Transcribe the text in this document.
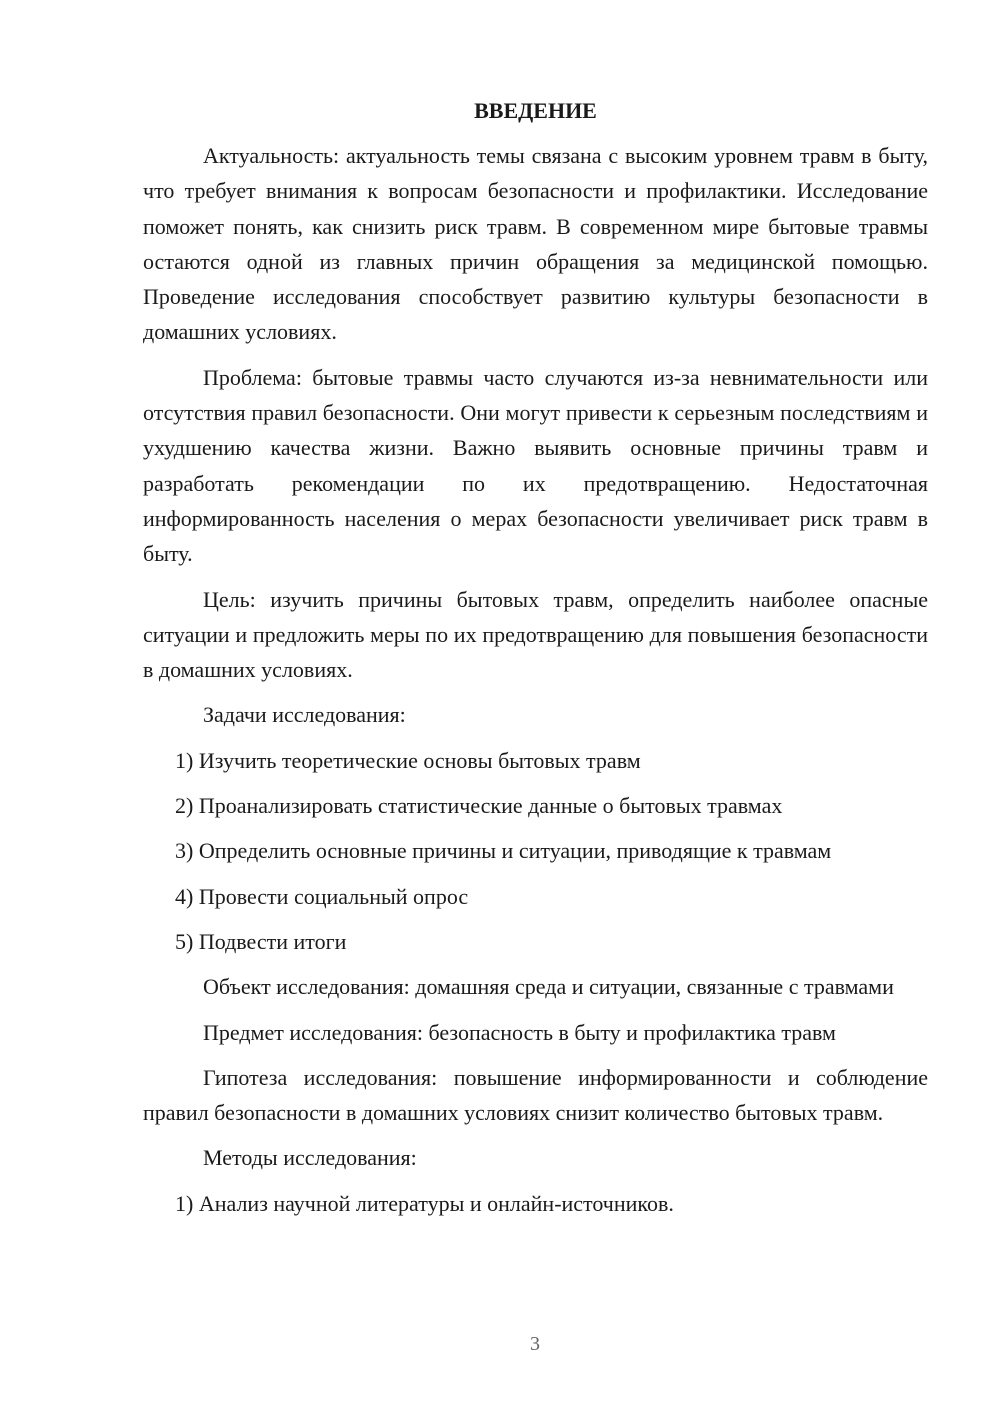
ВВЕДЕНИЕ

Актуальность: актуальность темы связана с высоким уровнем травм в быту, что требует внимания к вопросам безопасности и профилактики. Исследование поможет понять, как снизить риск травм. В современном мире бытовые травмы остаются одной из главных причин обращения за медицинской помощью. Проведение исследования способствует развитию культуры безопасности в домашних условиях.

Проблема: бытовые травмы часто случаются из-за невнимательности или отсутствия правил безопасности. Они могут привести к серьезным последствиям и ухудшению качества жизни. Важно выявить основные причины травм и разработать рекомендации по их предотвращению. Недостаточная информированность населения о мерах безопасности увеличивает риск травм в быту.

Цель: изучить причины бытовых травм, определить наиболее опасные ситуации и предложить меры по их предотвращению для повышения безопасности в домашних условиях.

Задачи исследования:

1) Изучить теоретические основы бытовых травм

2) Проанализировать статистические данные о бытовых травмах

3) Определить основные причины и ситуации, приводящие к травмам

4) Провести социальный опрос

5) Подвести итоги

Объект исследования: домашняя среда и ситуации, связанные с травмами

Предмет исследования: безопасность в быту и профилактика травм

Гипотеза исследования: повышение информированности и соблюдение правил безопасности в домашних условиях снизит количество бытовых травм.

Методы исследования:

1) Анализ научной литературы и онлайн-источников.

3
